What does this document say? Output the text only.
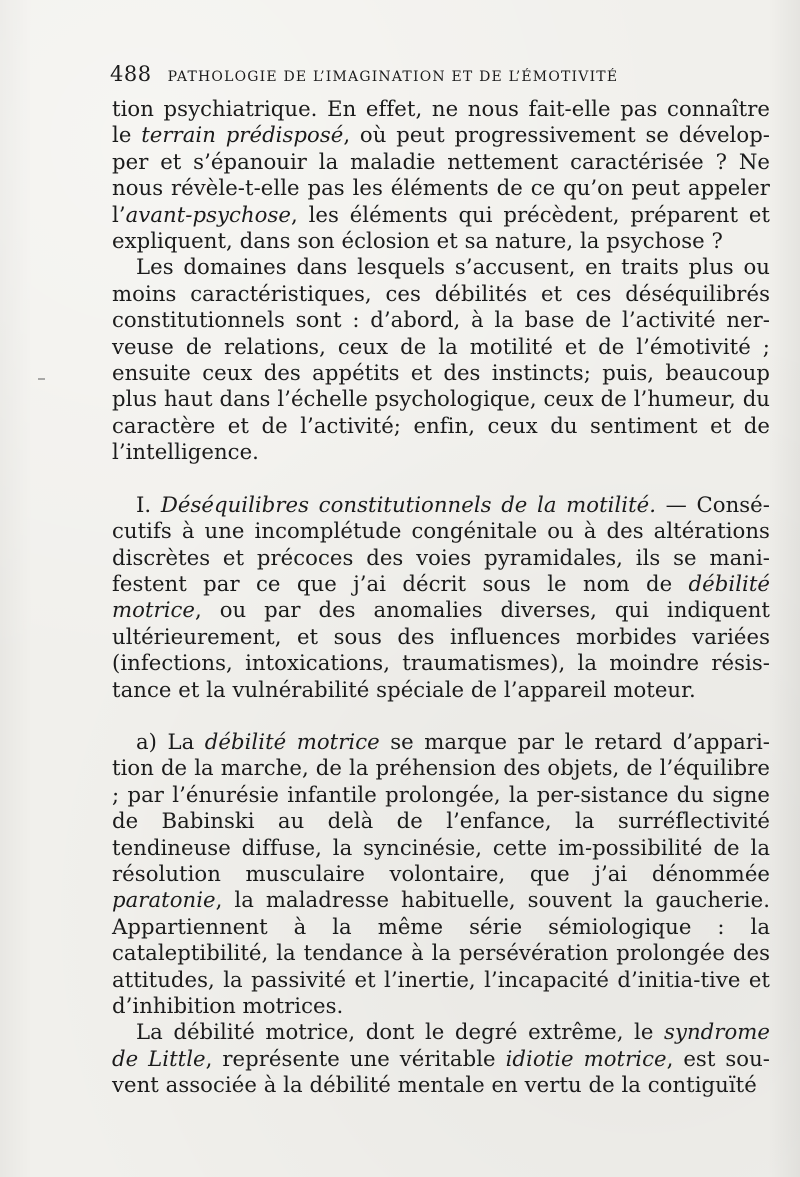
488 PATHOLOGIE DE L’IMAGINATION ET DE L’ÉMOTIVITÉ

tion psychiatrique. En effet, ne nous fait-elle pas connaître le terrain prédisposé, où peut progressivement se dévelop-per et s’épanouir la maladie nettement caractérisée ? Ne nous révèle-t-elle pas les éléments de ce qu’on peut appeler l’avant-psychose, les éléments qui précèdent, préparent et expliquent, dans son éclosion et sa nature, la psychose ?

Les domaines dans lesquels s’accusent, en traits plus ou moins caractéristiques, ces débilités et ces déséquilibrés constitutionnels sont : d’abord, à la base de l’activité ner-veuse de relations, ceux de la motilité et de l’émotivité ; ensuite ceux des appétits et des instincts; puis, beaucoup plus haut dans l’échelle psychologique, ceux de l’humeur, du caractère et de l’activité; enfin, ceux du sentiment et de l’intelligence.

I. Déséquilibres constitutionnels de la motilité. — Consé-cutifs à une incomplétude congénitale ou à des altérations discrètes et précoces des voies pyramidales, ils se mani-festent par ce que j’ai décrit sous le nom de débilité motrice, ou par des anomalies diverses, qui indiquent ultérieurement, et sous des influences morbides variées (infections, intoxications, traumatismes), la moindre résis-tance et la vulnérabilité spéciale de l’appareil moteur.

a) La débilité motrice se marque par le retard d’appari-tion de la marche, de la préhension des objets, de l’équilibre ; par l’énurésie infantile prolongée, la per-sistance du signe de Babinski au delà de l’enfance, la surréflectivité tendineuse diffuse, la syncinésie, cette im-possibilité de la résolution musculaire volontaire, que j’ai dénommée paratonie, la maladresse habituelle, souvent la gaucherie. Appartiennent à la même série sémiologique : la cataleptibilité, la tendance à la persévération prolongée des attitudes, la passivité et l’inertie, l’incapacité d’initia-tive et d’inhibition motrices.

La débilité motrice, dont le degré extrême, le syndrome de Little, représente une véritable idiotie motrice, est sou-vent associée à la débilité mentale en vertu de la contiguïté
